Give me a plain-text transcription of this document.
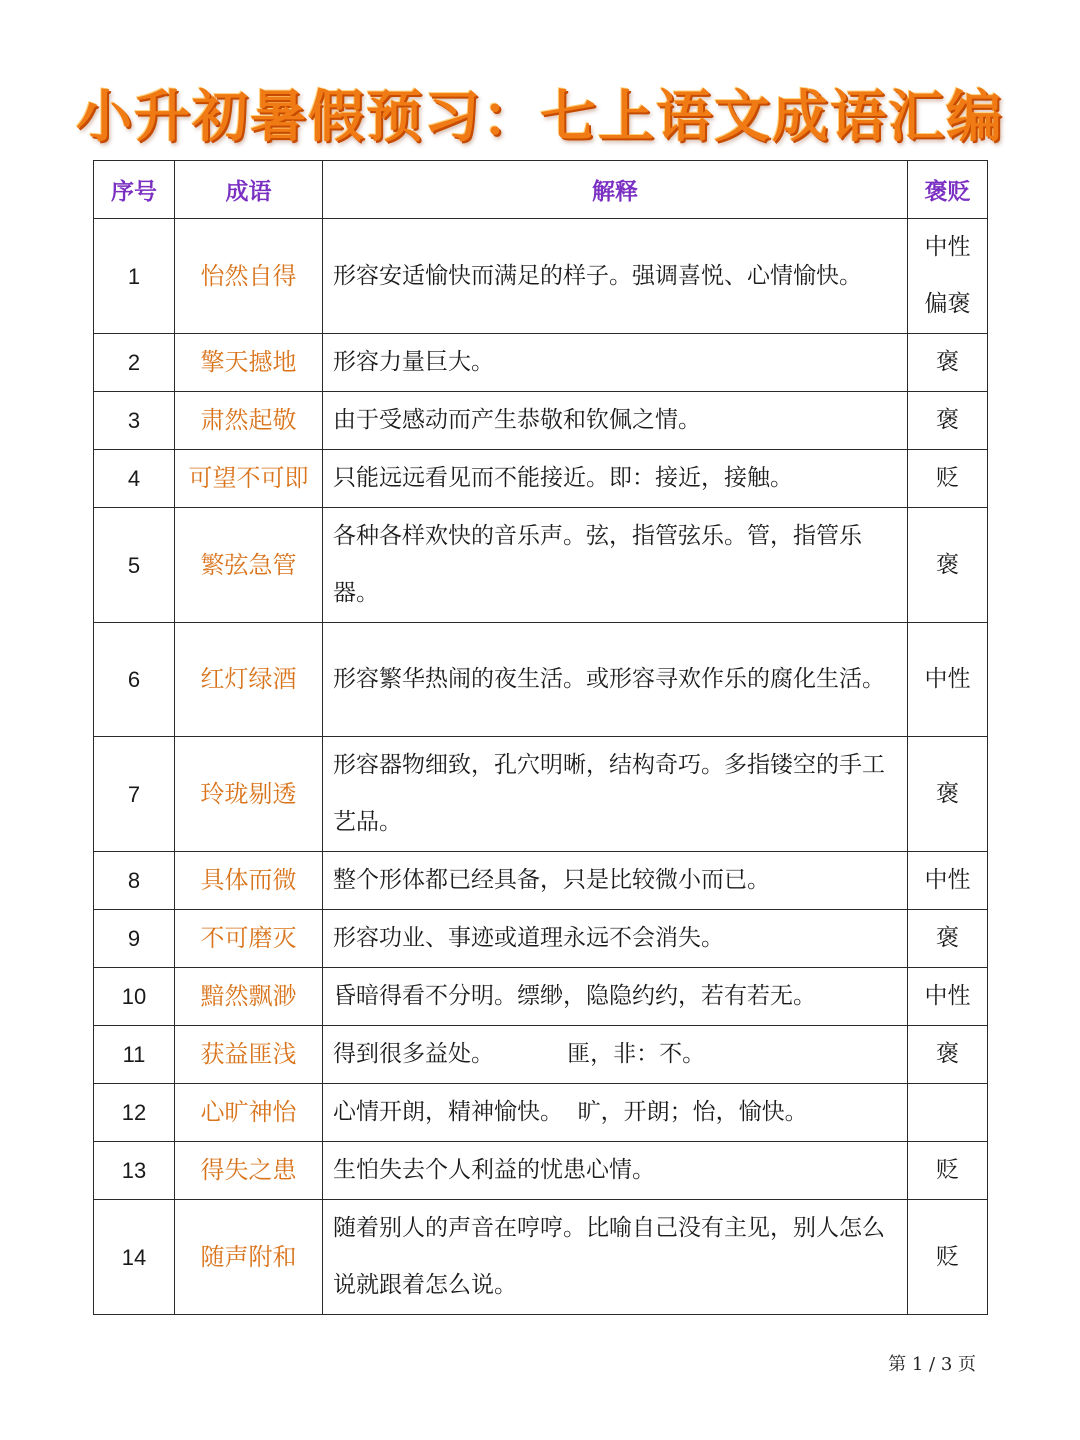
小升初暑假预习：七上语文成语汇编
序号	成语	解释	褒贬
1	怡然自得	形容安适愉快而满足的样子。强调喜悦、心情愉快。	中性
偏褒

2	擎天撼地	形容力量巨大。	褒

3	肃然起敬	由于受感动而产生恭敬和钦佩之情。	褒

4	可望不可即	只能远远看见而不能接近。即：接近，接触。	贬

5	繁弦急管	各种各样欢快的音乐声。弦，指管弦乐。管，指管乐器。	褒

6	红灯绿酒	形容繁华热闹的夜生活。或形容寻欢作乐的腐化生活。	中性

7	玲珑剔透	形容器物细致，孔穴明晰，结构奇巧。多指镂空的手工艺品。	褒

8	具体而微	整个形体都已经具备，只是比较微小而已。	中性

9	不可磨灭	形容功业、事迹或道理永远不会消失。	褒

10	黯然飘渺	昏暗得看不分明。缥缈，隐隐约约，若有若无。	中性

11	获益匪浅	得到很多益处。          匪，非：不。	褒

12	心旷神怡	心情开朗，精神愉快。  旷，开朗；怡，愉快。	
13	得失之患	生怕失去个人利益的忧患心情。	贬

14	随声附和	随着别人的声音在哼哼。比喻自己没有主见，别人怎么说就跟着怎么说。	贬
第 1 / 3 页
